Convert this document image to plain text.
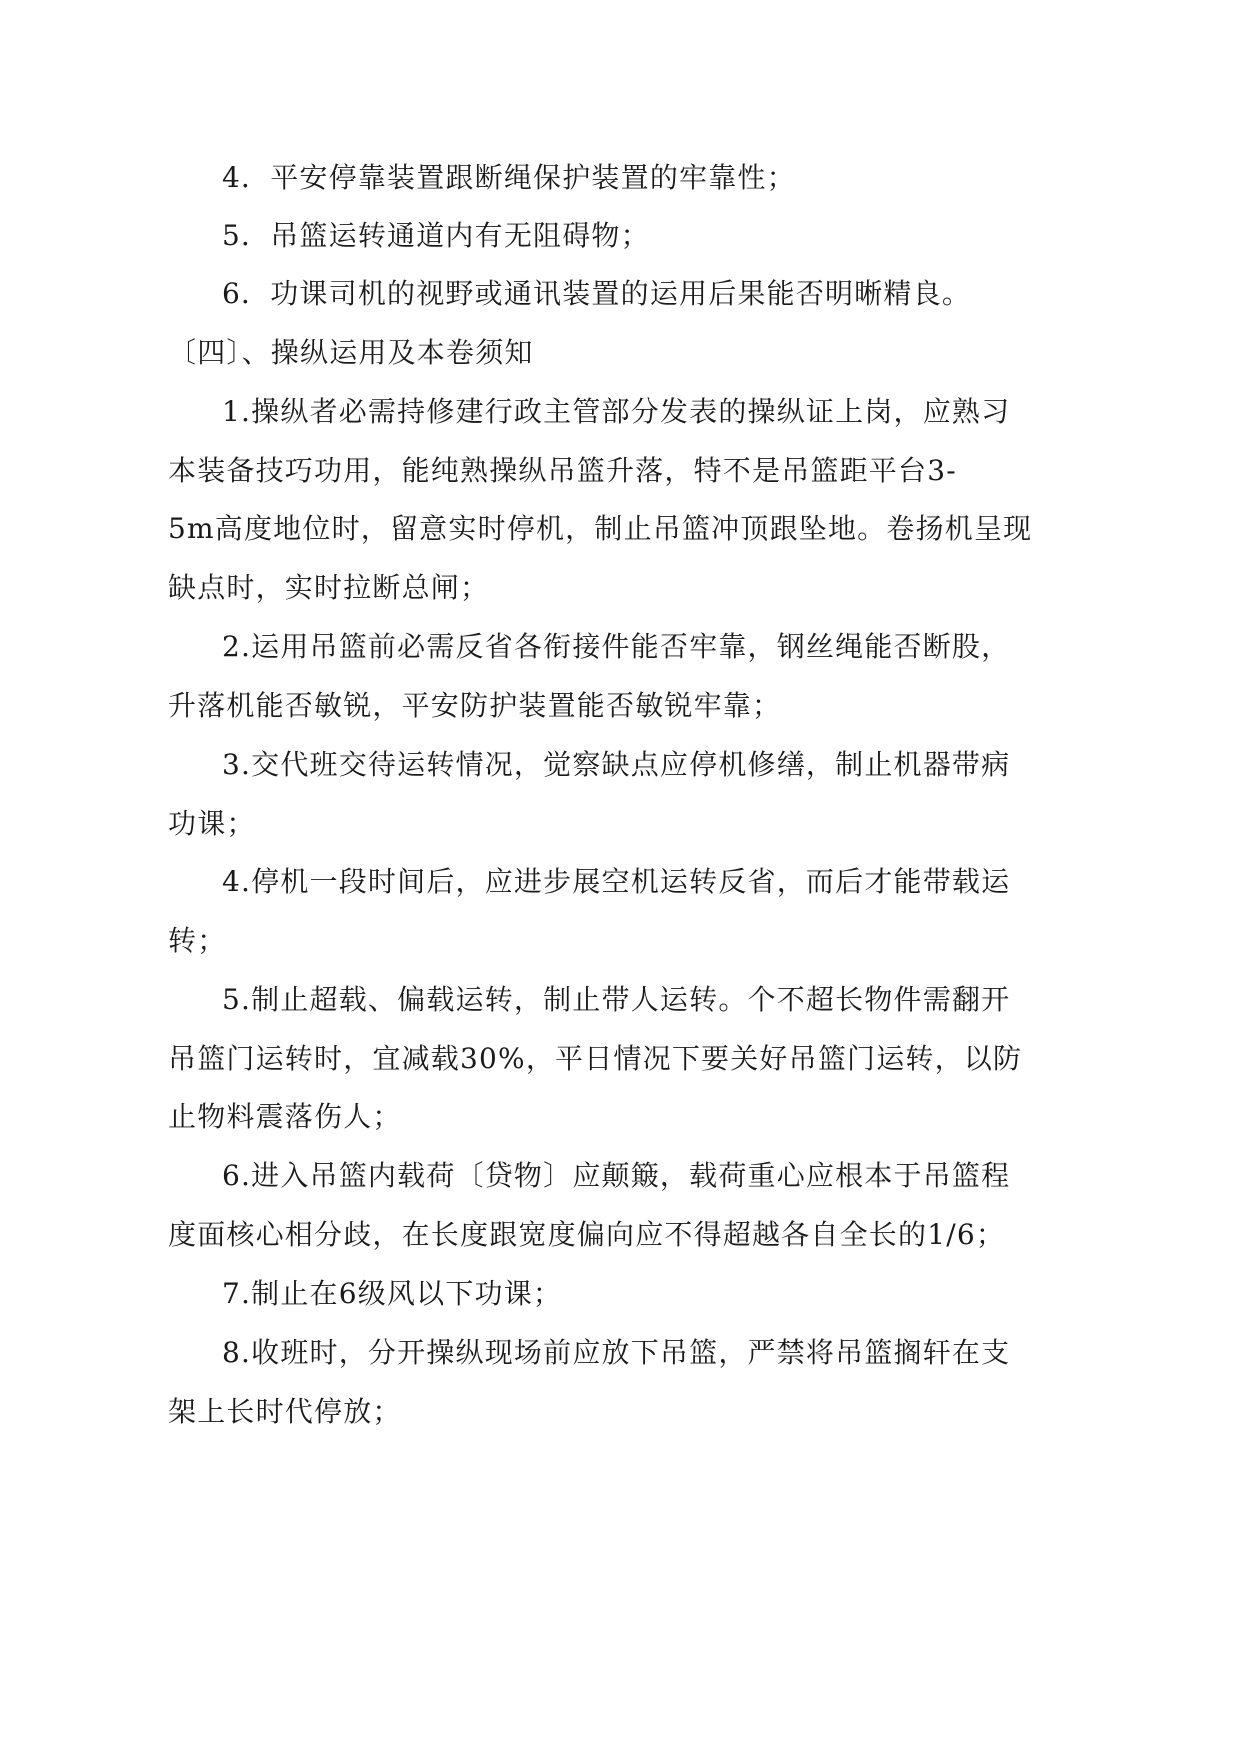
4．平安停靠装置跟断绳保护装置的牢靠性；

5．吊篮运转通道内有无阻碍物；

6．功课司机的视野或通讯装置的运用后果能否明晰精良。

〔四〕、操纵运用及本卷须知

1.操纵者必需持修建行政主管部分发表的操纵证上岗，应熟习

本装备技巧功用，能纯熟操纵吊篮升落，特不是吊篮距平台3-

5m高度地位时，留意实时停机，制止吊篮冲顶跟坠地。卷扬机呈现

缺点时，实时拉断总闸；

2.运用吊篮前必需反省各衔接件能否牢靠，钢丝绳能否断股，

升落机能否敏锐，平安防护装置能否敏锐牢靠；

3.交代班交待运转情况，觉察缺点应停机修缮，制止机器带病

功课；

4.停机一段时间后，应进步展空机运转反省，而后才能带载运

转；

5.制止超载、偏载运转，制止带人运转。个不超长物件需翻开

吊篮门运转时，宜减载30%，平日情况下要关好吊篮门运转，以防

止物料震落伤人；

6.进入吊篮内载荷〔贷物〕应颠簸，载荷重心应根本于吊篮程

度面核心相分歧，在长度跟宽度偏向应不得超越各自全长的1/6；

7.制止在6级风以下功课；

8.收班时，分开操纵现场前应放下吊篮，严禁将吊篮搁轩在支

架上长时代停放；
